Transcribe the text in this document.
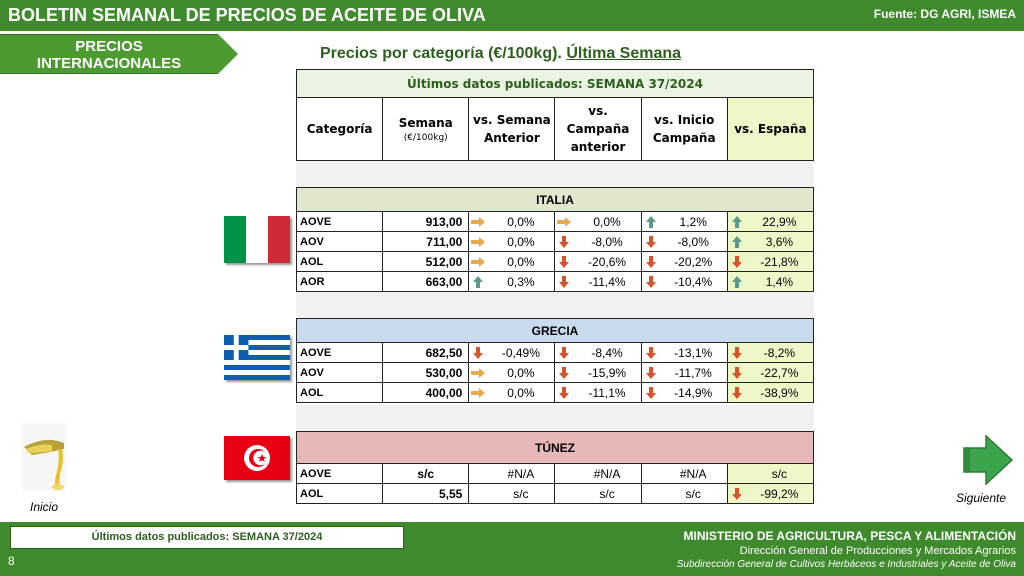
BOLETIN SEMANAL DE PRECIOS DE ACEITE DE OLIVA	Fuente: DG AGRI, ISMEA
PRECIOS
INTERNACIONALES
Precios por categoría (€/100kg). Última Semana
Últimos datos publicados: SEMANA 37/2024
Categoría	Semana
(€/100kg)
	vs. Semana Anterior	vs. Campaña anterior	vs. Inicio Campaña	vs. España
ITALIA					
AOVE	913,00	0,0%	0,0%	1,2%	22,9%

AOV	711,00	0,0%	-8,0%	-8,0%	3,6%

AOL	512,00	0,0%	-20,6%	-20,2%	-21,8%

AOR	663,00	0,3%	-11,4%	-10,4%	1,4%
GRECIA					
AOVE	682,50	-0,49%	-8,4%	-13,1%	-8,2%

AOV	530,00	0,0%	-15,9%	-11,7%	-22,7%

AOL	400,00	0,0%	-11,1%	-14,9%	-38,9%
TÚNEZ					
AOVE	s/c	#N/A	#N/A	#N/A	s/c

AOL	5,55	s/c	s/c	s/c	-99,2%
Inicio
Siguiente
8
MINISTERIO DE AGRICULTURA, PESCA Y ALIMENTACIÓN
Dirección General de Producciones y Mercados Agrarios
Subdirección General de Cultivos Herbáceos e Industriales y Aceite de Oliva
Últimos datos publicados: SEMANA 37/2024
